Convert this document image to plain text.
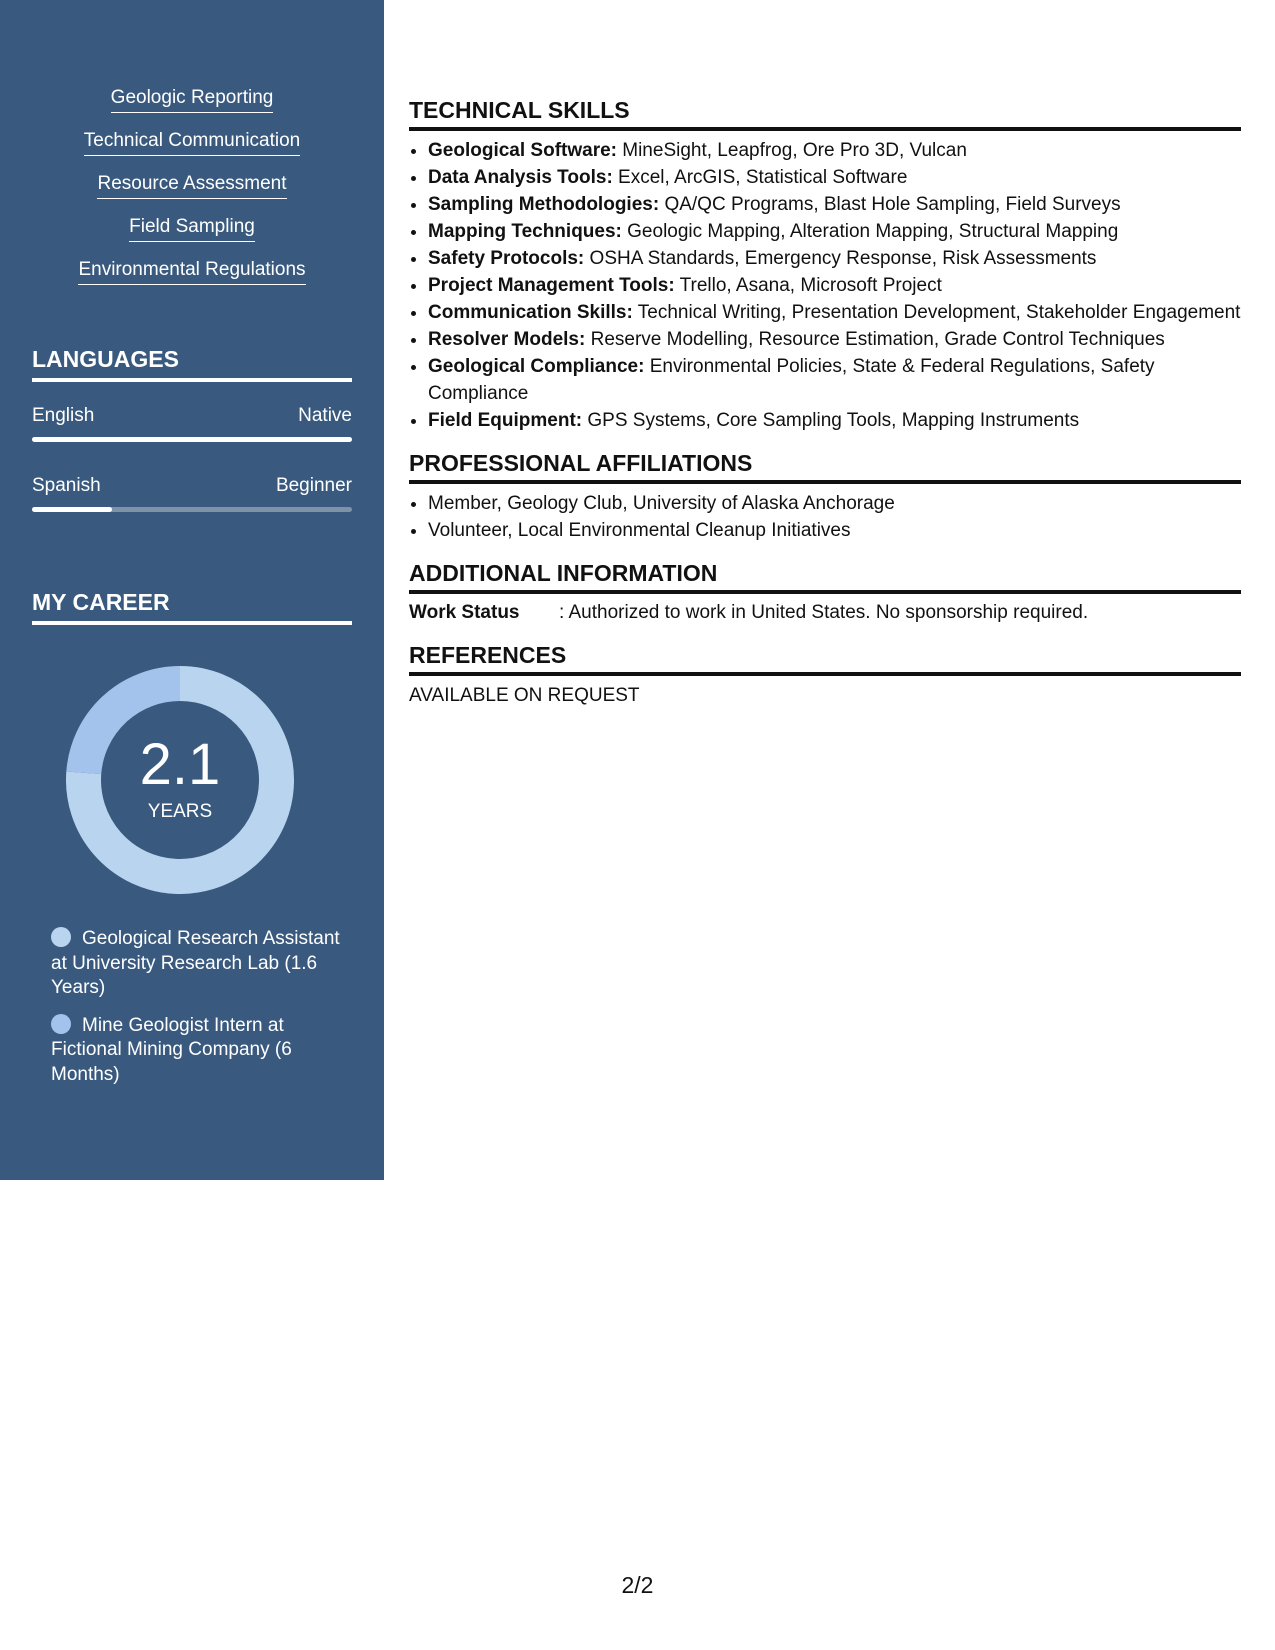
Geologic Reporting
Technical Communication
Resource Assessment
Field Sampling
Environmental Regulations
LANGUAGES
English	Native
Spanish	Beginner
MY CAREER
2.1
YEARS
Geological Research Assistant at University Research Lab (1.6 Years)
Mine Geologist Intern at Fictional Mining Company (6 Months)
TECHNICAL SKILLS
• Geological Software: MineSight, Leapfrog, Ore Pro 3D, Vulcan
• Data Analysis Tools: Excel, ArcGIS, Statistical Software
• Sampling Methodologies: QA/QC Programs, Blast Hole Sampling, Field Surveys
• Mapping Techniques: Geologic Mapping, Alteration Mapping, Structural Mapping
• Safety Protocols: OSHA Standards, Emergency Response, Risk Assessments
• Project Management Tools: Trello, Asana, Microsoft Project
• Communication Skills: Technical Writing, Presentation Development, Stakeholder Engagement
• Resolver Models: Reserve Modelling, Resource Estimation, Grade Control Techniques
• Geological Compliance: Environmental Policies, State & Federal Regulations, Safety Compliance
• Field Equipment: GPS Systems, Core Sampling Tools, Mapping Instruments
PROFESSIONAL AFFILIATIONS
• Member, Geology Club, University of Alaska Anchorage
• Volunteer, Local Environmental Cleanup Initiatives
ADDITIONAL INFORMATION
Work Status	: Authorized to work in United States. No sponsorship required.
REFERENCES
AVAILABLE ON REQUEST
2/2
